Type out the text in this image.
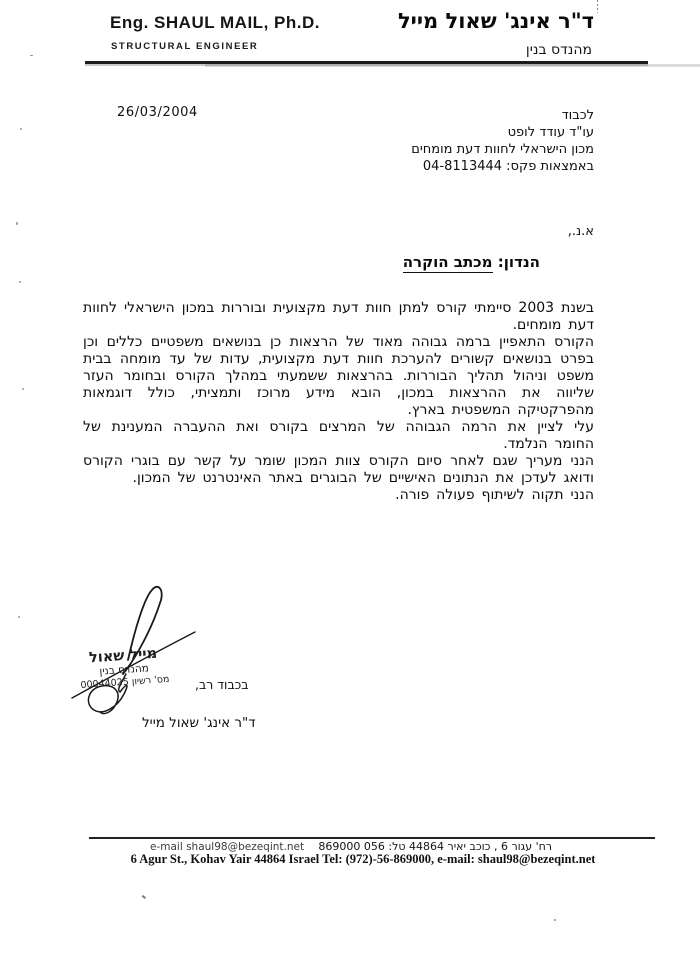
Eng. SHAUL MAIL, Ph.D.
STRUCTURAL ENGINEER
ד"ר אינג' שאול מייל
מהנדס בנין
26/03/2004	לכבוד
עו"ד עודד לופט
מכון הישראלי לחוות דעת מומחים
באמצאות פקס: 04-8113444
א.נ.,
הנדון: מכתב הוקרה
בשנת 2003 סיימתי קורס למתן חוות דעת מקצועית ובוררות במכון הישראלי לחוות דעת מומחים.
הקורס התאפיין ברמה גבוהה מאוד של הרצאות כן בנושאים משפטיים כללים וכן בפרט בנושאים קשורים להערכת חוות דעת מקצועית, עדות של עד מומחה בבית משפט וניהול תהליך הבוררות. בהרצאות ששמעתי במהלך הקורס ובחומר העזר שליווה את ההרצאות במכון, הובא מידע מרוכז ותמציתי, כולל דוגמאות מהפרקטיקה המשפטית בארץ.
עלי לציין את הרמה הגבוהה של המרצים בקורס ואת ההעברה המענינת של החומר הנלמד.
הנני מעריך שגם לאחר סיום הקורס צוות המכון שומר על קשר עם בוגרי הקורס ודואג לעדכן את הנתונים האישיים של הבוגרים באתר האינטרנט של המכון.
הנני תקוה לשיתוף פעולה פורה.
בכבוד רב,
מייל שאול
מהנדס בנין
מס' רשיון 00044025
ד"ר אינג' שאול מייל
רח' עגור 6 , כוכב יאיר 44864 טל: 056 869000
e-mail shaul98@bezeqint.net
6 Agur St., Kohav Yair 44864 Israel Tel: (972)-56-869000, e-mail: shaul98@bezeqint.net
